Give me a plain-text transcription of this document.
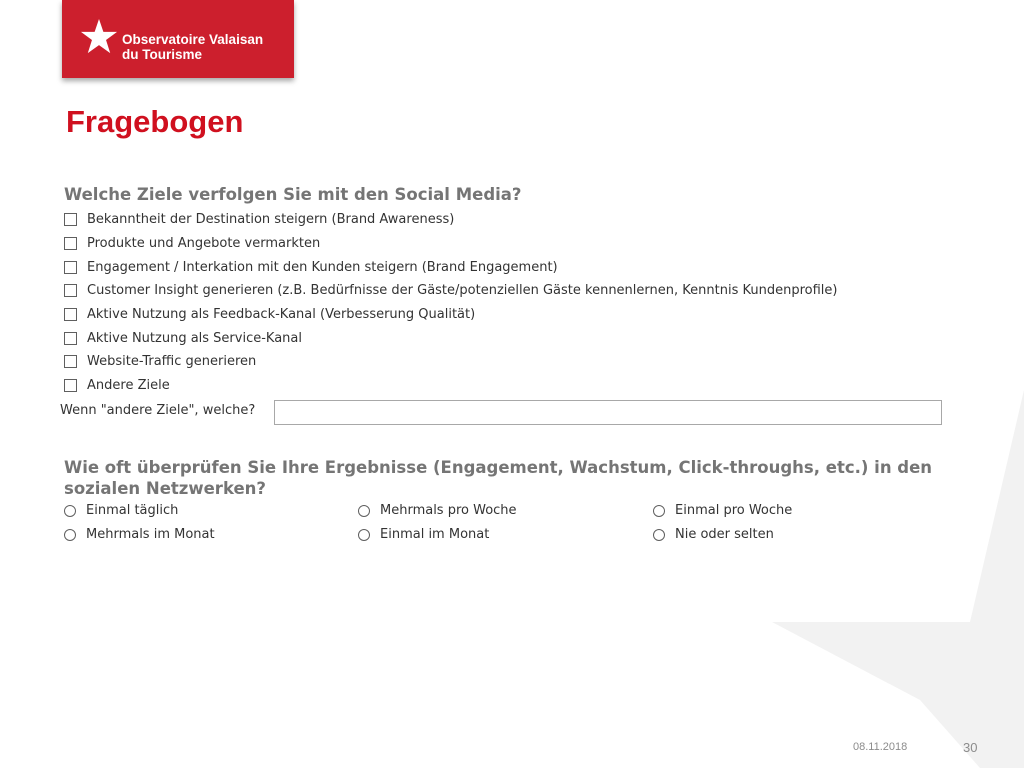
Observatoire Valaisan
du Tourisme
Fragebogen
Welche Ziele verfolgen Sie mit den Social Media?
Bekanntheit der Destination steigern (Brand Awareness)
Produkte und Angebote vermarkten
Engagement / Interkation mit den Kunden steigern (Brand Engagement)
Customer Insight generieren (z.B. Bedürfnisse der Gäste/potenziellen Gäste kennenlernen, Kenntnis Kundenprofile)
Aktive Nutzung als Feedback-Kanal (Verbesserung Qualität)
Aktive Nutzung als Service-Kanal
Website-Traffic generieren
Andere Ziele
Wenn "andere Ziele", welche?
Wie oft überprüfen Sie Ihre Ergebnisse (Engagement, Wachstum, Click-throughs, etc.) in den sozialen Netzwerken?
Einmal täglich	Mehrmals pro Woche	Einmal pro Woche
Mehrmals im Monat	Einmal im Monat	Nie oder selten
08.11.2018	30
